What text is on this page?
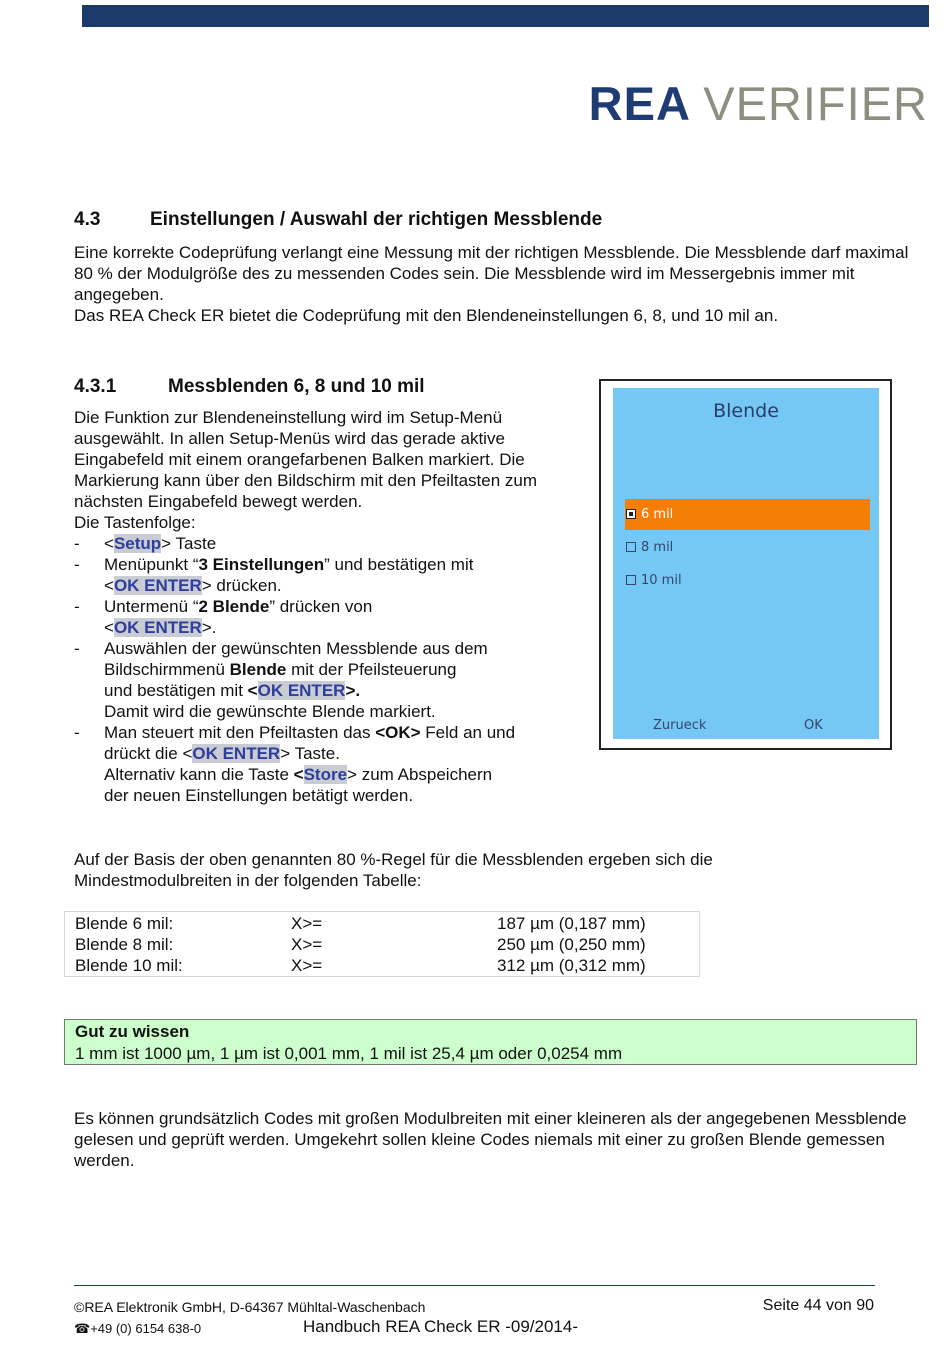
REA VERIFIER
4.3	Einstellungen / Auswahl der richtigen Messblende
Eine korrekte Codeprüfung verlangt eine Messung mit der richtigen Messblende. Die Messblende darf maximal 80 % der Modulgröße des zu messenden Codes sein. Die Messblende wird im Messergebnis immer mit angegeben.
Das REA Check ER bietet die Codeprüfung mit den Blendeneinstellungen 6, 8, und 10 mil an.
4.3.1	Messblenden 6, 8 und 10 mil
Die Funktion zur Blendeneinstellung wird im Setup-Menü ausgewählt. In allen Setup-Menüs wird das gerade aktive Eingabefeld mit einem orangefarbenen Balken markiert. Die Markierung kann über den Bildschirm mit den Pfeiltasten zum nächsten Eingabefeld bewegt werden.
Die Tastenfolge:
- <Setup> Taste
- Menüpunkt “3 Einstellungen” und bestätigen mit
<OK ENTER> drücken.
- Untermenü “2 Blende” drücken von
<OK ENTER>.
- Auswählen der gewünschten Messblende aus dem
Bildschirmmenü Blende mit der Pfeilsteuerung
und bestätigen mit <OK ENTER>.
Damit wird die gewünschte Blende markiert.
- Man steuert mit den Pfeiltasten das <OK> Feld an und
drückt die <OK ENTER> Taste.
Alternativ kann die Taste <Store> zum Abspeichern
der neuen Einstellungen betätigt werden.
Blende
6 mil
8 mil
10 mil
Zurueck	OK
Auf der Basis der oben genannten 80 %-Regel für die Messblenden ergeben sich die Mindestmodulbreiten in der folgenden Tabelle:
Blende 6 mil:	X>=	187 µm (0,187 mm)
Blende 8 mil:	X>=	250 µm (0,250 mm)
Blende 10 mil:	X>=	312 µm (0,312 mm)
Gut zu wissen
1 mm ist 1000 µm, 1 µm ist 0,001 mm, 1 mil ist 25,4 µm oder 0,0254 mm
Es können grundsätzlich Codes mit großen Modulbreiten mit einer kleineren als der angegebenen Messblende gelesen und geprüft werden. Umgekehrt sollen kleine Codes niemals mit einer zu großen Blende gemessen werden.
©REA Elektronik GmbH, D-64367 Mühltal-Waschenbach
☎+49 (0) 6154 638-0	Handbuch REA Check ER -09/2014-
Seite 44 von 90
